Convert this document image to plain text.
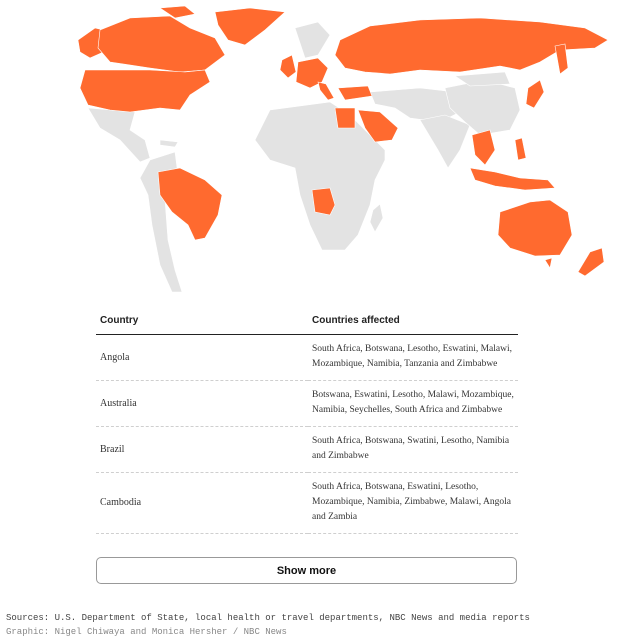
Country	Countries affected
Angola	South Africa, Botswana, Lesotho, Eswatini, Malawi, Mozambique, Namibia, Tanzania and Zimbabwe
Australia	Botswana, Eswatini, Lesotho, Malawi, Mozambique, Namibia, Seychelles, South Africa and Zimbabwe
Brazil	South Africa, Botswana, Swatini, Lesotho, Namibia and Zimbabwe
Cambodia	South Africa, Botswana, Eswatini, Lesotho, Mozambique, Namibia, Zimbabwe, Malawi, Angola and Zambia
Show more
Sources: U.S. Department of State, local health or travel departments, NBC News and media reports
Graphic: Nigel Chiwaya and Monica Hersher / NBC News
